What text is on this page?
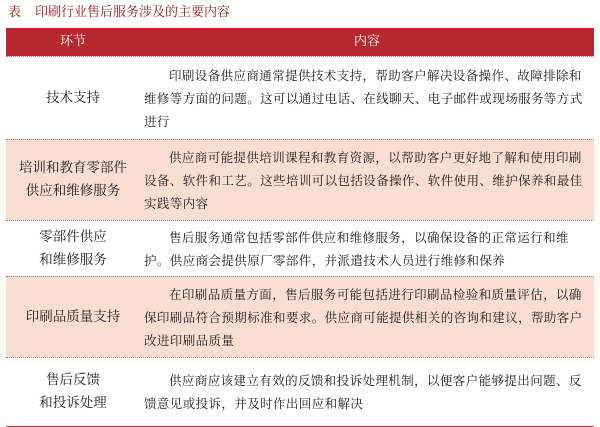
表 印刷行业售后服务涉及的主要内容
环节	内容
技术支持
印刷设备供应商通常提供技术支持，帮助客户解决设备操作、故障排除和维修等方面的问题。这可以通过电话、在线聊天、电子邮件或现场服务等方式进行
培训和教育零部件
供应和维修服务
供应商可能提供培训课程和教育资源，以帮助客户更好地了解和使用印刷设备、软件和工艺。这些培训可以包括设备操作、软件使用、维护保养和最佳实践等内容
零部件供应
和维修服务
售后服务通常包括零部件供应和维修服务，以确保设备的正常运行和维护。供应商会提供原厂零部件，并派遣技术人员进行维修和保养
印刷品质量支持
在印刷品质量方面，售后服务可能包括进行印刷品检验和质量评估，以确保印刷品符合预期标准和要求。供应商可能提供相关的咨询和建议，帮助客户改进印刷品质量
售后反馈
和投诉处理
供应商应该建立有效的反馈和投诉处理机制，以便客户能够提出问题、反馈意见或投诉，并及时作出回应和解决
